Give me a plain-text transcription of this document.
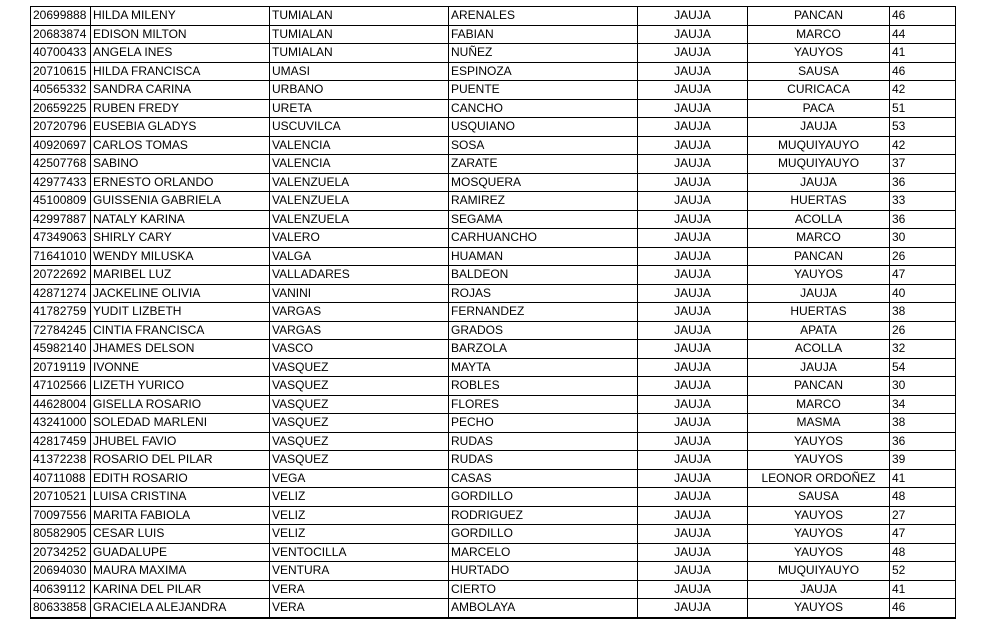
20699888	HILDA MILENY	TUMIALAN	ARENALES	JAUJA	PANCAN	46
20683874	EDISON MILTON	TUMIALAN	FABIAN	JAUJA	MARCO	44
40700433	ANGELA INES	TUMIALAN	NUÑEZ	JAUJA	YAUYOS	41
20710615	HILDA FRANCISCA	UMASI	ESPINOZA	JAUJA	SAUSA	46
40565332	SANDRA CARINA	URBANO	PUENTE	JAUJA	CURICACA	42
20659225	RUBEN FREDY	URETA	CANCHO	JAUJA	PACA	51
20720796	EUSEBIA GLADYS	USCUVILCA	USQUIANO	JAUJA	JAUJA	53
40920697	CARLOS TOMAS	VALENCIA	SOSA	JAUJA	MUQUIYAUYO	42
42507768	SABINO	VALENCIA	ZARATE	JAUJA	MUQUIYAUYO	37
42977433	ERNESTO ORLANDO	VALENZUELA	MOSQUERA	JAUJA	JAUJA	36
45100809	GUISSENIA GABRIELA	VALENZUELA	RAMIREZ	JAUJA	HUERTAS	33
42997887	NATALY KARINA	VALENZUELA	SEGAMA	JAUJA	ACOLLA	36
47349063	SHIRLY CARY	VALERO	CARHUANCHO	JAUJA	MARCO	30
71641010	WENDY MILUSKA	VALGA	HUAMAN	JAUJA	PANCAN	26
20722692	MARIBEL LUZ	VALLADARES	BALDEON	JAUJA	YAUYOS	47
42871274	JACKELINE OLIVIA	VANINI	ROJAS	JAUJA	JAUJA	40
41782759	YUDIT LIZBETH	VARGAS	FERNANDEZ	JAUJA	HUERTAS	38
72784245	CINTIA FRANCISCA	VARGAS	GRADOS	JAUJA	APATA	26
45982140	JHAMES DELSON	VASCO	BARZOLA	JAUJA	ACOLLA	32
20719119	IVONNE	VASQUEZ	MAYTA	JAUJA	JAUJA	54
47102566	LIZETH YURICO	VASQUEZ	ROBLES	JAUJA	PANCAN	30
44628004	GISELLA ROSARIO	VASQUEZ	FLORES	JAUJA	MARCO	34
43241000	SOLEDAD MARLENI	VASQUEZ	PECHO	JAUJA	MASMA	38
42817459	JHUBEL FAVIO	VASQUEZ	RUDAS	JAUJA	YAUYOS	36
41372238	ROSARIO DEL PILAR	VASQUEZ	RUDAS	JAUJA	YAUYOS	39
40711088	EDITH ROSARIO	VEGA	CASAS	JAUJA	LEONOR ORDOÑEZ	41
20710521	LUISA CRISTINA	VELIZ	GORDILLO	JAUJA	SAUSA	48
70097556	MARITA FABIOLA	VELIZ	RODRIGUEZ	JAUJA	YAUYOS	27
80582905	CESAR LUIS	VELIZ	GORDILLO	JAUJA	YAUYOS	47
20734252	GUADALUPE	VENTOCILLA	MARCELO	JAUJA	YAUYOS	48
20694030	MAURA MAXIMA	VENTURA	HURTADO	JAUJA	MUQUIYAUYO	52
40639112	KARINA DEL PILAR	VERA	CIERTO	JAUJA	JAUJA	41
80633858	GRACIELA ALEJANDRA	VERA	AMBOLAYA	JAUJA	YAUYOS	46
